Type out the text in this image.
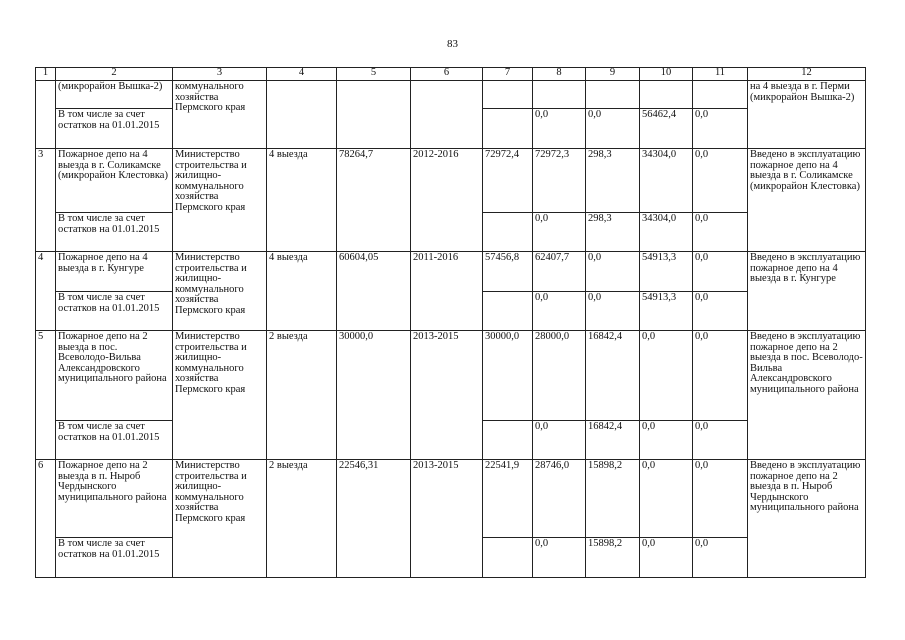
83
1	2	3	4	5	6	7	8	9	10	11	12
	(микрорайон Вышка-2)	коммунального хозяйства Пермского края									на 4 выезда в г. Перми (микрорайон Вышка-2)
	В том числе за счет остатков на 01.01.2015						0,0	0,0	56462,4	0,0	
3	Пожарное депо на 4 выезда в г. Соликамске (микрорайон Клестовка)	Министерство строительства и жилищно-коммунального хозяйства Пермского края	4 выезда	78264,7	2012-2016	72972,4	72972,3	298,3	34304,0	0,0	Введено в эксплуатацию пожарное депо на 4 выезда в г. Соликамске (микрорайон Клестовка)
	В том числе за счет остатков на 01.01.2015						0,0	298,3	34304,0	0,0	
4	Пожарное депо на 4 выезда в г. Кунгуре	Министерство строительства и жилищно-коммунального хозяйства Пермского края	4 выезда	60604,05	2011-2016	57456,8	62407,7	0,0	54913,3	0,0	Введено в эксплуатацию пожарное депо на 4 выезда в г. Кунгуре
	В том числе за счет остатков на 01.01.2015						0,0	0,0	54913,3	0,0	
5	Пожарное депо на 2 выезда в пос. Всеволодо-Вильва Александровского муниципального района	Министерство строительства и жилищно-коммунального хозяйства Пермского края	2 выезда	30000,0	2013-2015	30000,0	28000,0	16842,4	0,0	0,0	Введено в эксплуатацию пожарное депо на 2 выезда в пос. Всеволодо-Вильва Александровского муниципального района
	В том числе за счет остатков на 01.01.2015						0,0	16842,4	0,0	0,0	
6	Пожарное депо на 2 выезда в п. Ныроб Чердынского муниципального района	Министерство строительства и жилищно-коммунального хозяйства Пермского края	2 выезда	22546,31	2013-2015	22541,9	28746,0	15898,2	0,0	0,0	Введено в эксплуатацию пожарное депо на 2 выезда в п. Ныроб Чердынского муниципального района
	В том числе за счет остатков на 01.01.2015						0,0	15898,2	0,0	0,0	
